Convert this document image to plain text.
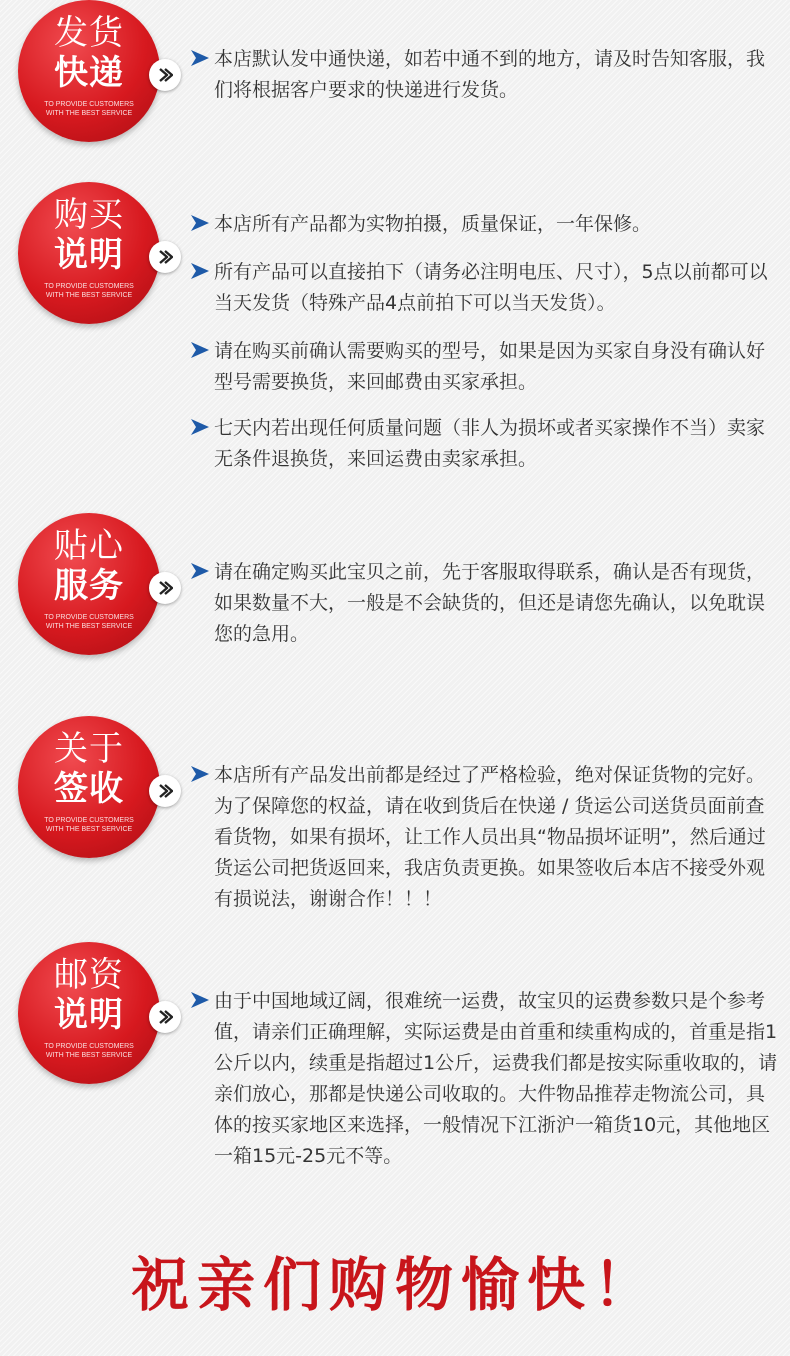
发货
快递
TO PROVIDE CUSTOMERS WITH THE BEST SERVICE
本店默认发中通快递，如若中通不到的地方，请及时告知客服，我们将根据客户要求的快递进行发货。
购买
说明
TO PROVIDE CUSTOMERS WITH THE BEST SERVICE
本店所有产品都为实物拍摄，质量保证，一年保修。
所有产品可以直接拍下（请务必注明电压、尺寸），5点以前都可以当天发货（特殊产品4点前拍下可以当天发货）。
请在购买前确认需要购买的型号，如果是因为买家自身没有确认好型号需要换货，来回邮费由买家承担。
七天内若出现任何质量问题（非人为损坏或者买家操作不当）卖家无条件退换货，来回运费由卖家承担。
贴心
服务
TO PROVIDE CUSTOMERS WITH THE BEST SERVICE
请在确定购买此宝贝之前，先于客服取得联系，确认是否有现货，如果数量不大，一般是不会缺货的，但还是请您先确认，以免耽误您的急用。
关于
签收
TO PROVIDE CUSTOMERS WITH THE BEST SERVICE
本店所有产品发出前都是经过了严格检验，绝对保证货物的完好。为了保障您的权益，请在收到货后在快递 / 货运公司送货员面前查看货物，如果有损坏，让工作人员出具“物品损坏证明”，然后通过货运公司把货返回来，我店负责更换。如果签收后本店不接受外观有损说法，谢谢合作！！！
邮资
说明
TO PROVIDE CUSTOMERS WITH THE BEST SERVICE
由于中国地域辽阔，很难统一运费，故宝贝的运费参数只是个参考值，请亲们正确理解，实际运费是由首重和续重构成的，首重是指1公斤以内，续重是指超过1公斤，运费我们都是按实际重收取的，请亲们放心，那都是快递公司收取的。大件物品推荐走物流公司，具体的按买家地区来选择，一般情况下江浙沪一箱货10元，其他地区一箱15元-25元不等。
祝亲们购物愉快！
